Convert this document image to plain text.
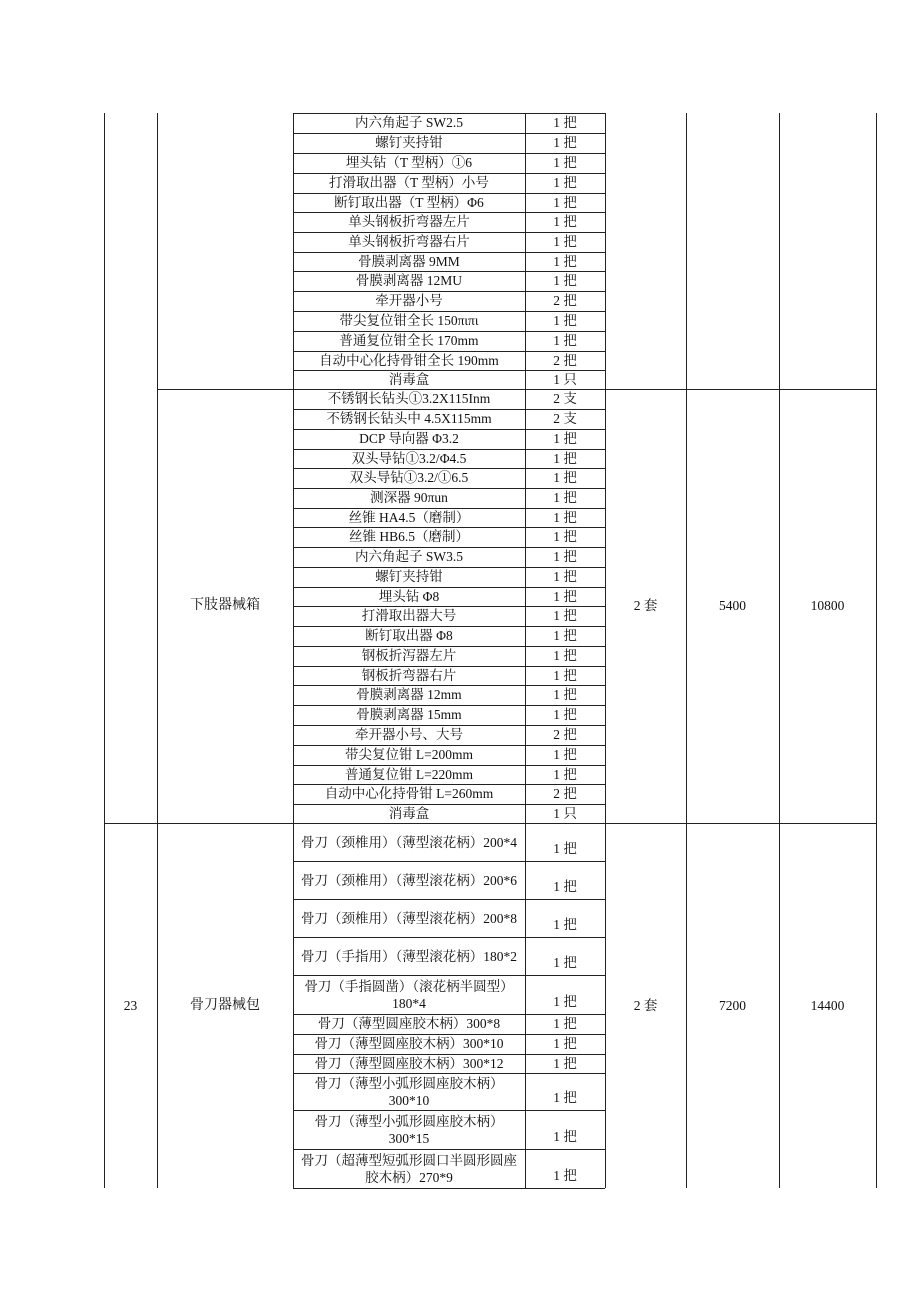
内六角起子 SW2.5	1 把
螺钉夹持钳	1 把
埋头钻（T 型柄）①6	1 把
打滑取出器（T 型柄）小号	1 把
断钉取出器（T 型柄）Φ6	1 把
单头钢板折弯器左片	1 把
单头钢板折弯器右片	1 把
骨膜剥离器 9MM	1 把
骨膜剥离器 12MU	1 把
牵开器小号	2 把
带尖复位钳全长 150πιπι	1 把
普通复位钳全长 170mm	1 把
自动中心化持骨钳全长 190mm	2 把
消毒盒	1 只
不锈钢长钻头①3.2X115Inm	2 支
不锈钢长钻头中 4.5X115mm	2 支
DCP 导向器 Φ3.2	1 把
双头导钻①3.2/Φ4.5	1 把
双头导钻①3.2/①6.5	1 把
测深器 90πun	1 把
丝锥 HA4.5（磨制）	1 把
丝锥 HB6.5（磨制）	1 把
内六角起子 SW3.5	1 把
螺钉夹持钳	1 把
埋头钻 Φ8	1 把
打滑取出器大号	1 把
断钉取出器 Φ8	1 把
钢板折泻器左片	1 把
钢板折弯器右片	1 把
骨膜剥离器 12mm	1 把
骨膜剥离器 15mm	1 把
牵开器小号、大号	2 把
带尖复位钳 L=200mm	1 把
普通复位钳 L=220mm	1 把
自动中心化持骨钳 L=260mm	2 把
消毒盒	1 只
下肢器械箱	2 套	5400	10800
骨刀（颈椎用）（薄型滚花柄）200*4	1 把
骨刀（颈椎用）（薄型滚花柄）200*6	1 把
骨刀（颈椎用）（薄型滚花柄）200*8	1 把
骨刀（手指用）（薄型滚花柄）180*2	1 把
骨刀（手指圆凿）（滚花柄半圆型）180*4	1 把
骨刀（薄型圆座胶木柄）300*8	1 把
骨刀（薄型圆座胶木柄）300*10	1 把
骨刀（薄型圆座胶木柄）300*12	1 把
骨刀（薄型小弧形圆座胶木柄）300*10	1 把
骨刀（薄型小弧形圆座胶木柄）300*15	1 把
骨刀（超薄型短弧形圆口半圆形圆座胶木柄）270*9	1 把
23	骨刀器械包	2 套	7200	14400
